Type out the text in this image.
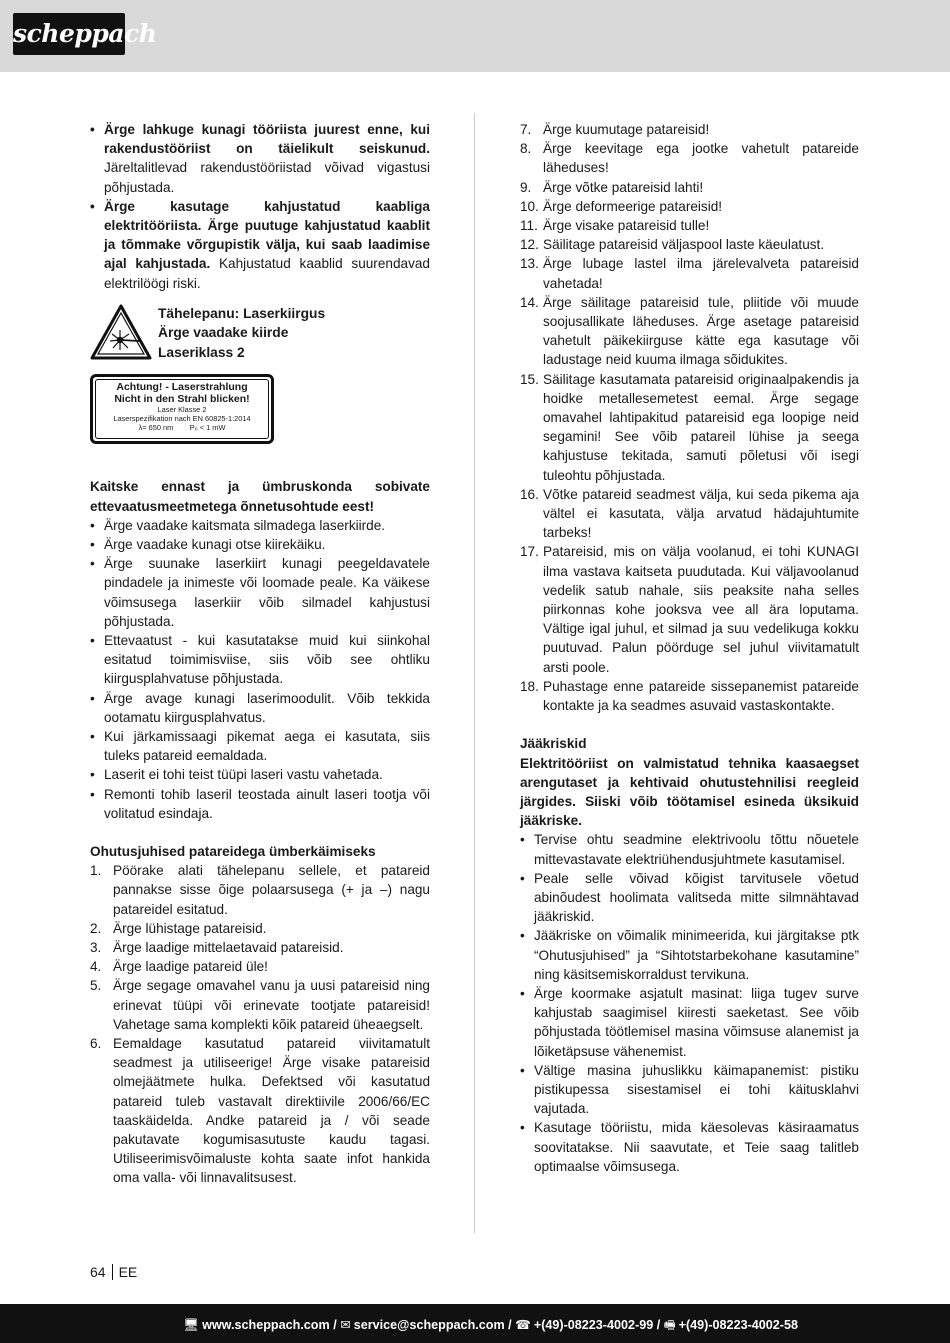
scheppach
• Ärge lahkuge kunagi tööriista juurest enne, kui rakendustööriist on täielikult seiskunud. Järeltalitlevad rakendustööriistad võivad vigastusi põhjustada.
• Ärge kasutage kahjustatud kaabliga elektritööriista. Ärge puutuge kahjustatud kaablit ja tõmmake võrgupistik välja, kui saab laadimise ajal kahjustada. Kahjustatud kaablid suurendavad elektrilöögi riski.
Tähelepanu: Laserkiirgus
Ärge vaadake kiirde
Laseriklass 2
Achtung! - Laserstrahlung
Nicht in den Strahl blicken!
Laser Klasse 2
Laserspezifikation nach EN 60825-1:2014
λ= 650 nm P₀ < 1 mW

Kaitske ennast ja ümbruskonda sobivate ettevaatusmeetmetega õnnetusohtude eest!

• Ärge vaadake kaitsmata silmadega laserkiirde.
• Ärge vaadake kunagi otse kiirekäiku.
• Ärge suunake laserkiirt kunagi peegeldavatele pindadele ja inimeste või loomade peale. Ka väikese võimsusega laserkiir võib silmadel kahjustusi põhjustada.
• Ettevaatust - kui kasutatakse muid kui siinkohal esitatud toimimisviise, siis võib see ohtliku kiirgusplahvatuse põhjustada.
• Ärge avage kunagi laserimoodulit. Võib tekkida ootamatu kiirgusplahvatus.
• Kui järkamissaagi pikemat aega ei kasutata, siis tuleks patareid eemaldada.
• Laserit ei tohi teist tüüpi laseri vastu vahetada.
• Remonti tohib laseril teostada ainult laseri tootja või volitatud esindaja.

Ohutusjuhised patareidega ümberkäimiseks

1. Pöörake alati tähelepanu sellele, et patareid pannakse sisse õige polaarsusega (+ ja –) nagu patareidel esitatud.
2. Ärge lühistage patareisid.
3. Ärge laadige mittelaetavaid patareisid.
4. Ärge laadige patareid üle!
5. Ärge segage omavahel vanu ja uusi patareisid ning erinevat tüüpi või erinevate tootjate patareisid! Vahetage sama komplekti kõik patareid üheaegselt.
6. Eemaldage kasutatud patareid viivitamatult seadmest ja utiliseerige! Ärge visake patareisid olmejäätmete hulka. Defektsed või kasutatud patareid tuleb vastavalt direktiivile 2006/66/EC taaskäidelda. Andke patareid ja / või seade pakutavate kogumisasutuste kaudu tagasi. Utiliseerimisvõimaluste kohta saate infot hankida oma valla- või linnavalitsusest.
7. Ärge kuumutage patareisid!
8. Ärge keevitage ega jootke vahetult patareide läheduses!
9. Ärge võtke patareisid lahti!
10. Ärge deformeerige patareisid!
11. Ärge visake patareisid tulle!
12. Säilitage patareisid väljaspool laste käeulatust.
13. Ärge lubage lastel ilma järelevalveta patareisid vahetada!
14. Ärge säilitage patareisid tule, pliitide või muude soojusallikate läheduses. Ärge asetage patareisid vahetult päikekiirguse kätte ega kasutage või ladustage neid kuuma ilmaga sõidukites.
15. Säilitage kasutamata patareisid originaalpakendis ja hoidke metallesemetest eemal. Ärge segage omavahel lahtipakitud patareisid ega loopige neid segamini! See võib patareil lühise ja seega kahjustuse tekitada, samuti põletusi või isegi tuleohtu põhjustada.
16. Võtke patareid seadmest välja, kui seda pikema aja vältel ei kasutata, välja arvatud hädajuhtumite tarbeks!
17. Patareisid, mis on välja voolanud, ei tohi KUNAGI ilma vastava kaitseta puudutada. Kui väljavoolanud vedelik satub nahale, siis peaksite naha selles piirkonnas kohe jooksva vee all ära loputama. Vältige igal juhul, et silmad ja suu vedelikuga kokku puutuvad. Palun pöörduge sel juhul viivitamatult arsti poole.
18. Puhastage enne patareide sissepanemist patareide kontakte ja ka seadmes asuvaid vastaskontakte.

Jääkriskid

Elektritööriist on valmistatud tehnika kaasaegset arengutaset ja kehtivaid ohutustehnilisi reegleid järgides. Siiski võib töötamisel esineda üksikuid jääkriske.

• Tervise ohtu seadmine elektrivoolu tõttu nõuetele mittevastavate elektriühendusjuhtmete kasutamisel.
• Peale selle võivad kõigist tarvitusele võetud abinõudest hoolimata valitseda mitte silmnähtavad jääkriskid.
• Jääkriske on võimalik minimeerida, kui järgitakse ptk “Ohutusjuhised” ja “Sihtotstarbekohane kasutamine” ning käsitsemiskorraldust tervikuna.
• Ärge koormake asjatult masinat: liiga tugev surve kahjustab saagimisel kiiresti saeketast. See võib põhjustada töötlemisel masina võimsuse alanemist ja lõiketäpsuse vähenemist.
• Vältige masina juhuslikku käimapanemist: pistiku pistikupessa sisestamisel ei tohi käitusklahvi vajutada.
• Kasutage tööriistu, mida käesolevas käsiraamatus soovitatakse. Nii saavutate, et Teie saag talitleb optimaalse võimsusega.
64 EE
🖥 www.scheppach.com / ✉ service@scheppach.com / ☎ +(49)-08223-4002-99 / 🖷 +(49)-08223-4002-58
